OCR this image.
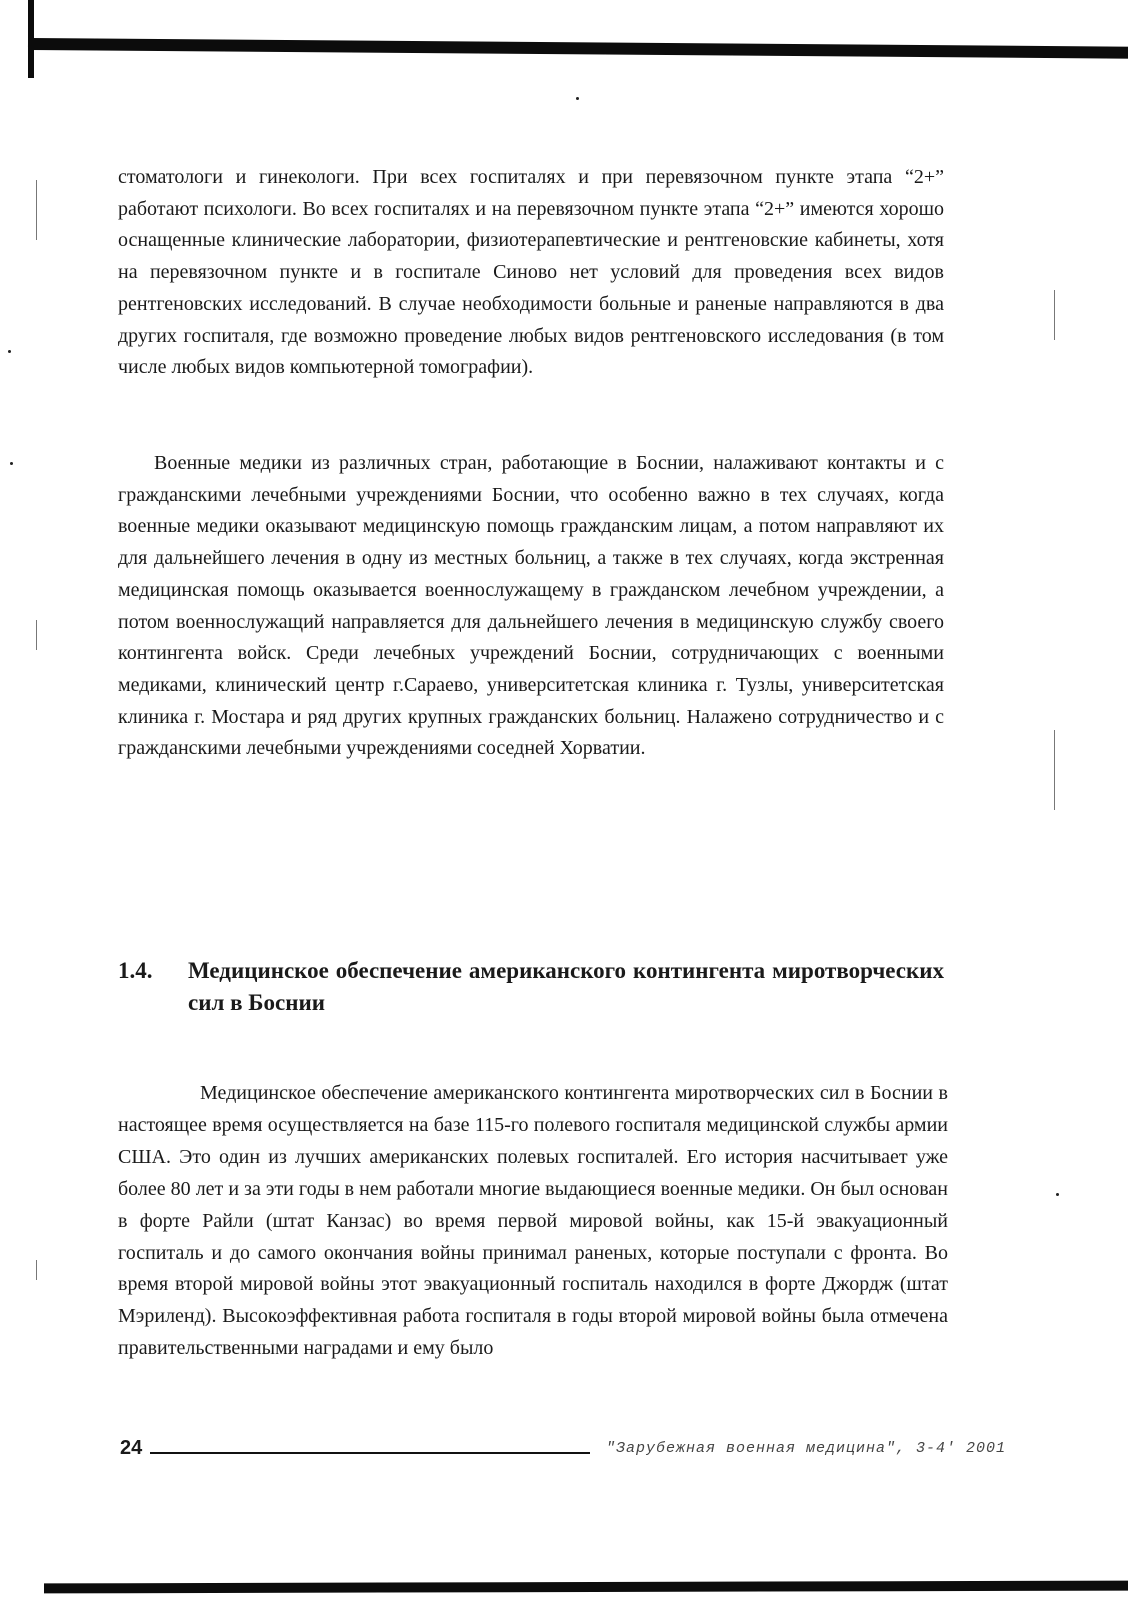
стоматологи и гинекологи. При всех госпиталях и при перевязочном пункте этапа “2+” работают психологи. Во всех госпиталях и на перевязочном пункте этапа “2+” имеются хорошо оснащенные клинические лаборатории, физиотерапевтические и рентгеновские кабинеты, хотя на перевязочном пункте и в госпитале Синово нет условий для проведения всех видов рентгеновских исследований. В случае необходимости больные и раненые направляются в два других госпиталя, где возможно проведение любых видов рентгеновского исследования (в том числе любых видов компьютерной томографии).

Военные медики из различных стран, работающие в Боснии, налаживают контакты и с гражданскими лечебными учреждениями Боснии, что особенно важно в тех случаях, когда военные медики оказывают медицинскую помощь гражданским лицам, а потом направляют их для дальнейшего лечения в одну из местных больниц, а также в тех случаях, когда экстренная медицинская помощь оказывается военнослужащему в гражданском лечебном учреждении, а потом военнослужащий направляется для дальнейшего лечения в медицинскую службу своего контингента войск. Среди лечебных учреждений Боснии, сотрудничающих с военными медиками, клинический центр г.Сараево, университетская клиника г. Тузлы, университетская клиника г. Мостара и ряд других крупных гражданских больниц. Налажено сотрудничество и с гражданскими лечебными учреждениями соседней Хорватии.

1.4.	Медицинское обеспечение американского контингента миротворческих сил в Боснии

Медицинское обеспечение американского контингента миротворческих сил в Боснии в настоящее время осуществляется на базе 115-го полевого госпиталя медицинской службы армии США. Это один из лучших американских полевых госпиталей. Его история насчитывает уже более 80 лет и за эти годы в нем работали многие выдающиеся военные медики. Он был основан в форте Райли (штат Канзас) во время первой мировой войны, как 15-й эвакуационный госпиталь и до самого окончания войны принимал раненых, которые поступали с фронта. Во время второй мировой войны этот эвакуационный госпиталь находился в форте Джордж (штат Мэриленд). Высокоэффективная работа госпиталя в годы второй мировой войны была отмечена правительственными наградами и ему было

24	"Зарубежная военная медицина", 3-4' 2001
